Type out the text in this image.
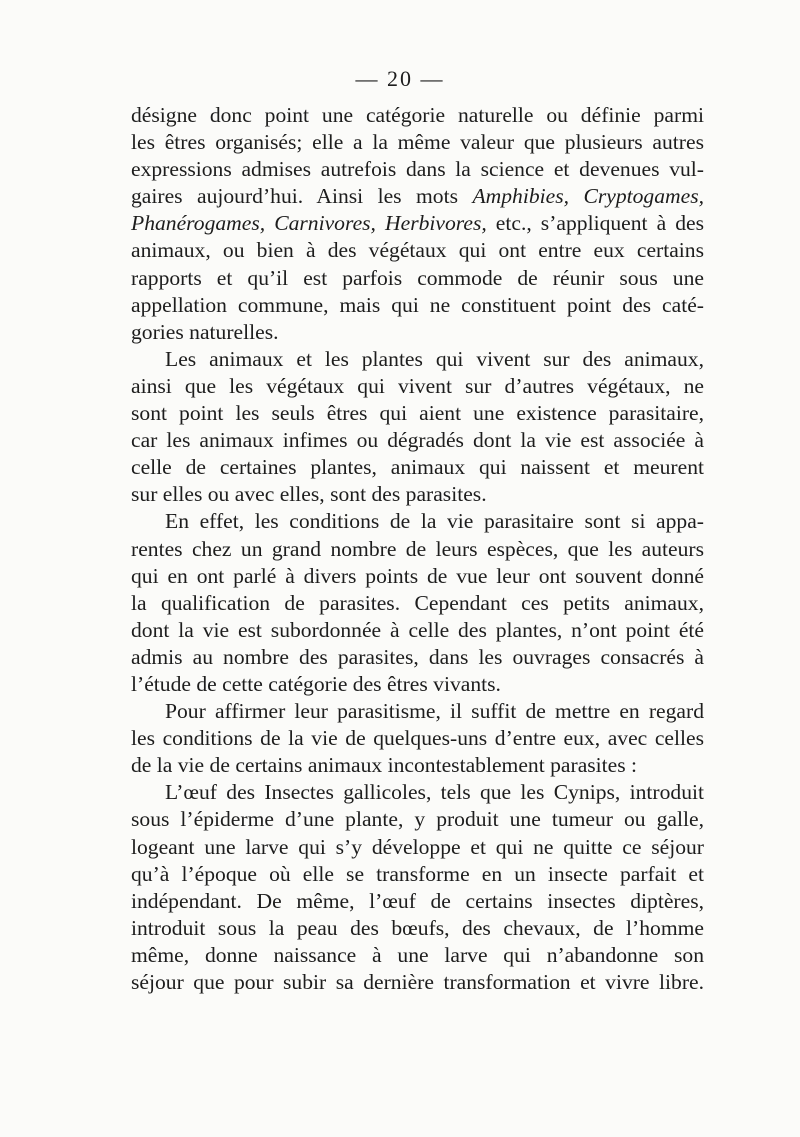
— 20 —

désigne donc point une catégorie naturelle ou définie parmi

les êtres organisés; elle a la même valeur que plusieurs autres

expressions admises autrefois dans la science et devenues vul-

gaires aujourd’hui. Ainsi les mots Amphibies, Cryptogames,

Phanérogames, Carnivores, Herbivores, etc., s’appliquent à des

animaux, ou bien à des végétaux qui ont entre eux certains

rapports et qu’il est parfois commode de réunir sous une

appellation commune, mais qui ne constituent point des caté-

gories naturelles.

Les animaux et les plantes qui vivent sur des animaux,

ainsi que les végétaux qui vivent sur d’autres végétaux, ne

sont point les seuls êtres qui aient une existence parasitaire,

car les animaux infimes ou dégradés dont la vie est associée à

celle de certaines plantes, animaux qui naissent et meurent

sur elles ou avec elles, sont des parasites.

En effet, les conditions de la vie parasitaire sont si appa-

rentes chez un grand nombre de leurs espèces, que les auteurs

qui en ont parlé à divers points de vue leur ont souvent donné

la qualification de parasites. Cependant ces petits animaux,

dont la vie est subordonnée à celle des plantes, n’ont point été

admis au nombre des parasites, dans les ouvrages consacrés à

l’étude de cette catégorie des êtres vivants.

Pour affirmer leur parasitisme, il suffit de mettre en regard

les conditions de la vie de quelques-uns d’entre eux, avec celles

de la vie de certains animaux incontestablement parasites :

L’œuf des Insectes gallicoles, tels que les Cynips, introduit

sous l’épiderme d’une plante, y produit une tumeur ou galle,

logeant une larve qui s’y développe et qui ne quitte ce séjour

qu’à l’époque où elle se transforme en un insecte parfait et

indépendant. De même, l’œuf de certains insectes diptères,

introduit sous la peau des bœufs, des chevaux, de l’homme

même, donne naissance à une larve qui n’abandonne son

séjour que pour subir sa dernière transformation et vivre libre.
